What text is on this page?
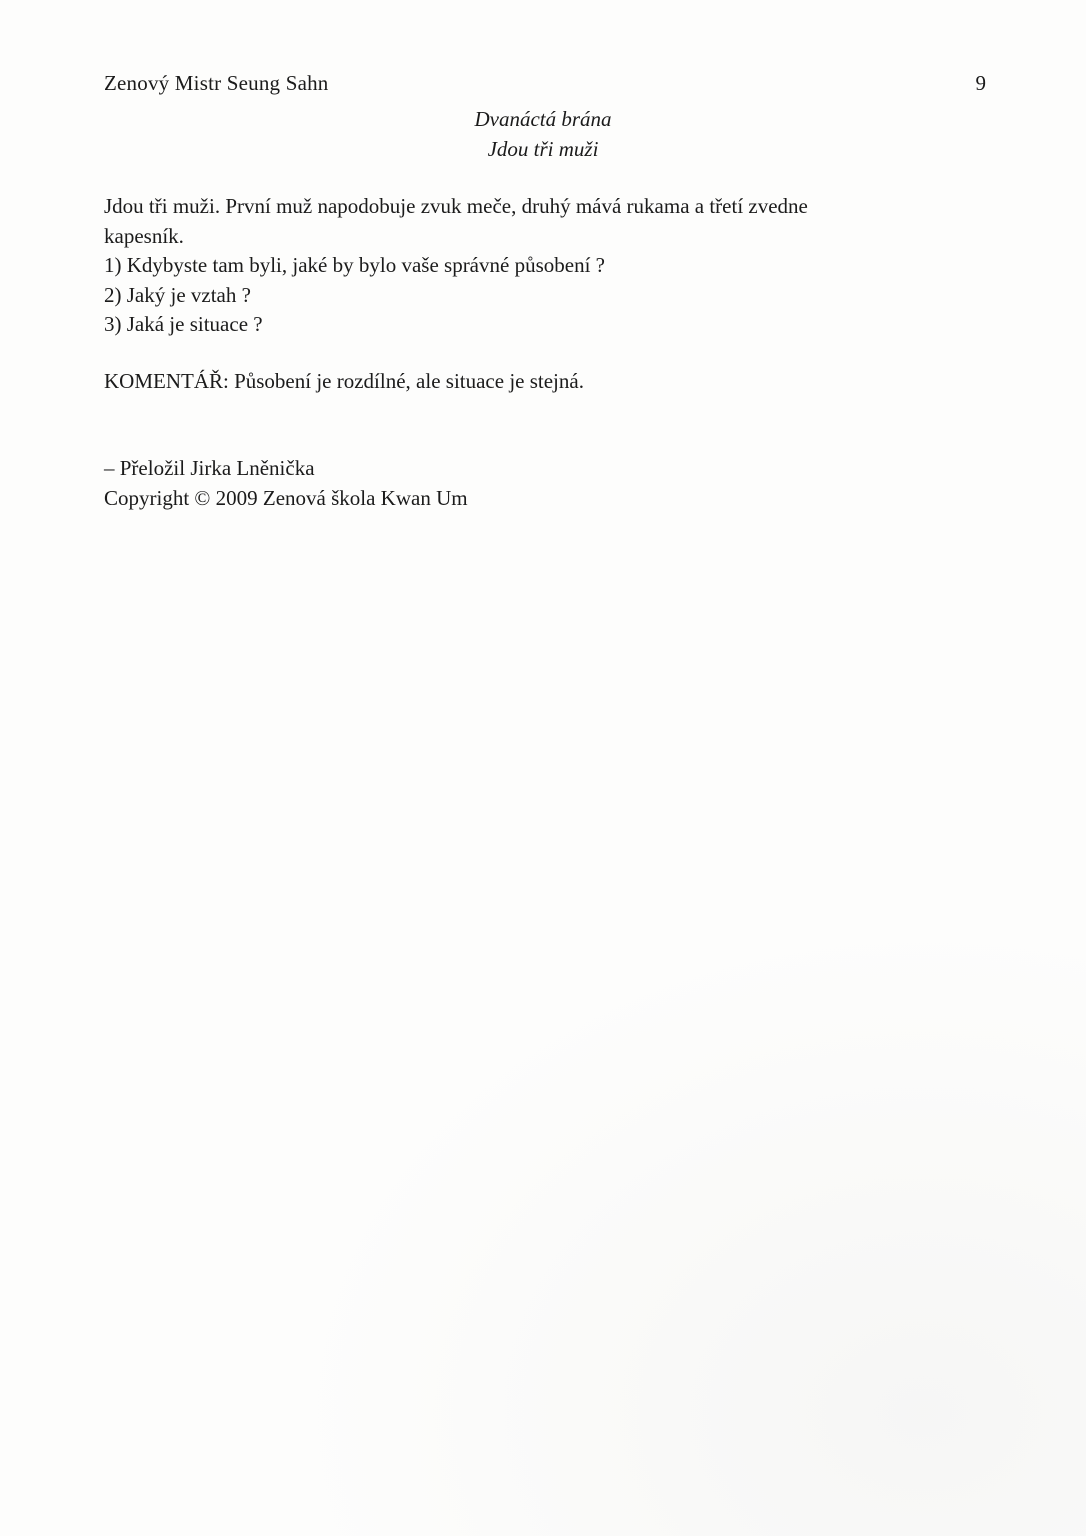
Zenový Mistr Seung Sahn	9
Dvanáctá brána
Jdou tři muži

Jdou tři muži. První muž napodobuje zvuk meče, druhý mává rukama a třetí zvedne kapesník.

1) Kdybyste tam byli, jaké by bylo vaše správné působení ?

2) Jaký je vztah ?

3) Jaká je situace ?

KOMENTÁŘ: Působení je rozdílné, ale situace je stejná.

– Přeložil Jirka Lněnička

Copyright © 2009 Zenová škola Kwan Um
